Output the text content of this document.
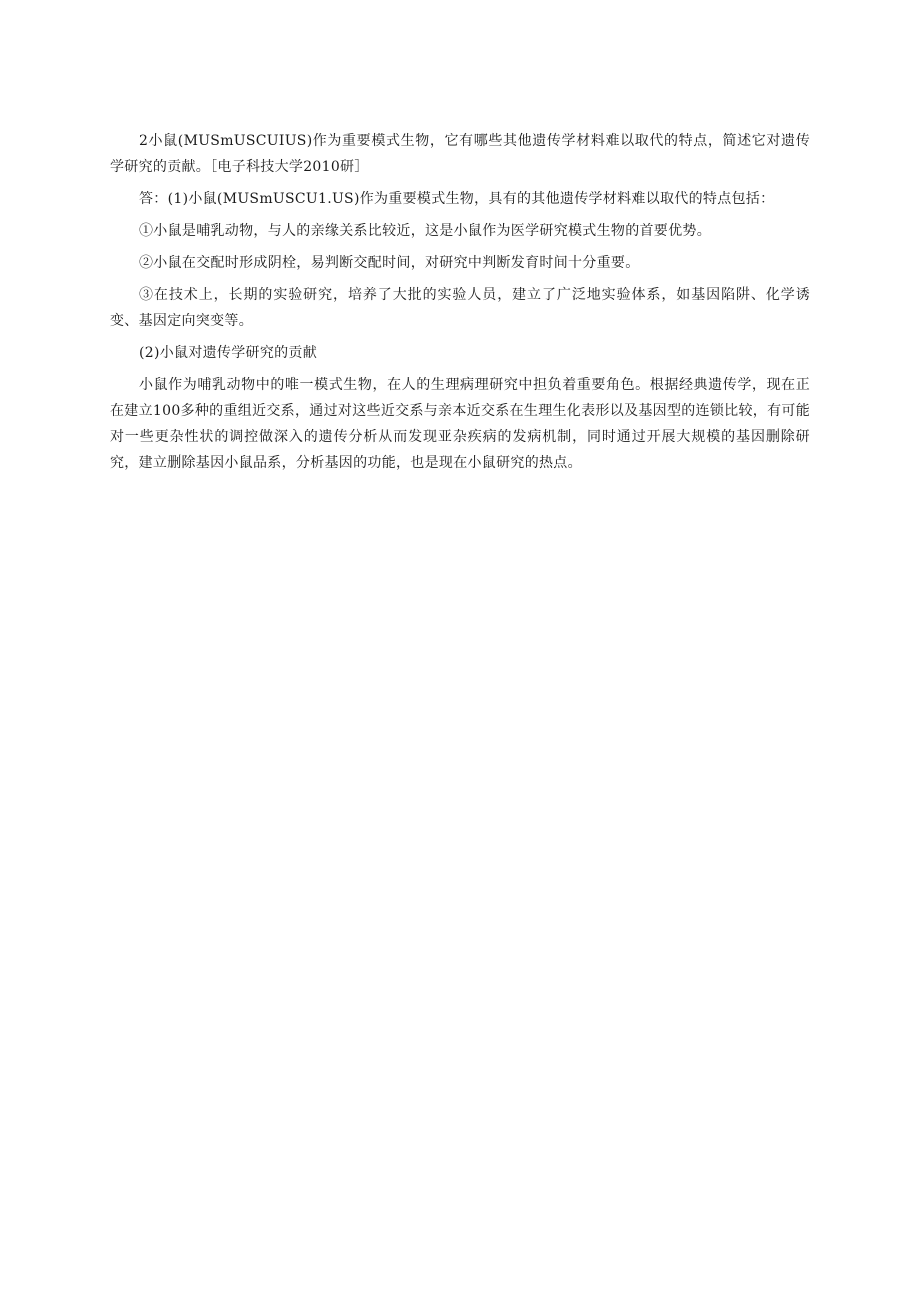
2小鼠(MUSmUSCUIUS)作为重要模式生物，它有哪些其他遗传学材料难以取代的特点，简述它对遗传学研究的贡献。［电子科技大学2010研］

答：(1)小鼠(MUSmUSCU1.US)作为重要模式生物，具有的其他遗传学材料难以取代的特点包括：

①小鼠是哺乳动物，与人的亲缘关系比较近，这是小鼠作为医学研究模式生物的首要优势。

②小鼠在交配时形成阴栓，易判断交配时间，对研究中判断发育时间十分重要。

③在技术上，长期的实验研究，培养了大批的实验人员，建立了广泛地实验体系，如基因陷阱、化学诱变、基因定向突变等。

(2)小鼠对遗传学研究的贡献

小鼠作为哺乳动物中的唯一模式生物，在人的生理病理研究中担负着重要角色。根据经典遗传学，现在正在建立100多种的重组近交系，通过对这些近交系与亲本近交系在生理生化表形以及基因型的连锁比较，有可能对一些更杂性状的调控做深入的遗传分析从而发现亚杂疾病的发病机制，同时通过开展大规模的基因删除研究，建立删除基因小鼠品系，分析基因的功能，也是现在小鼠研究的热点。
